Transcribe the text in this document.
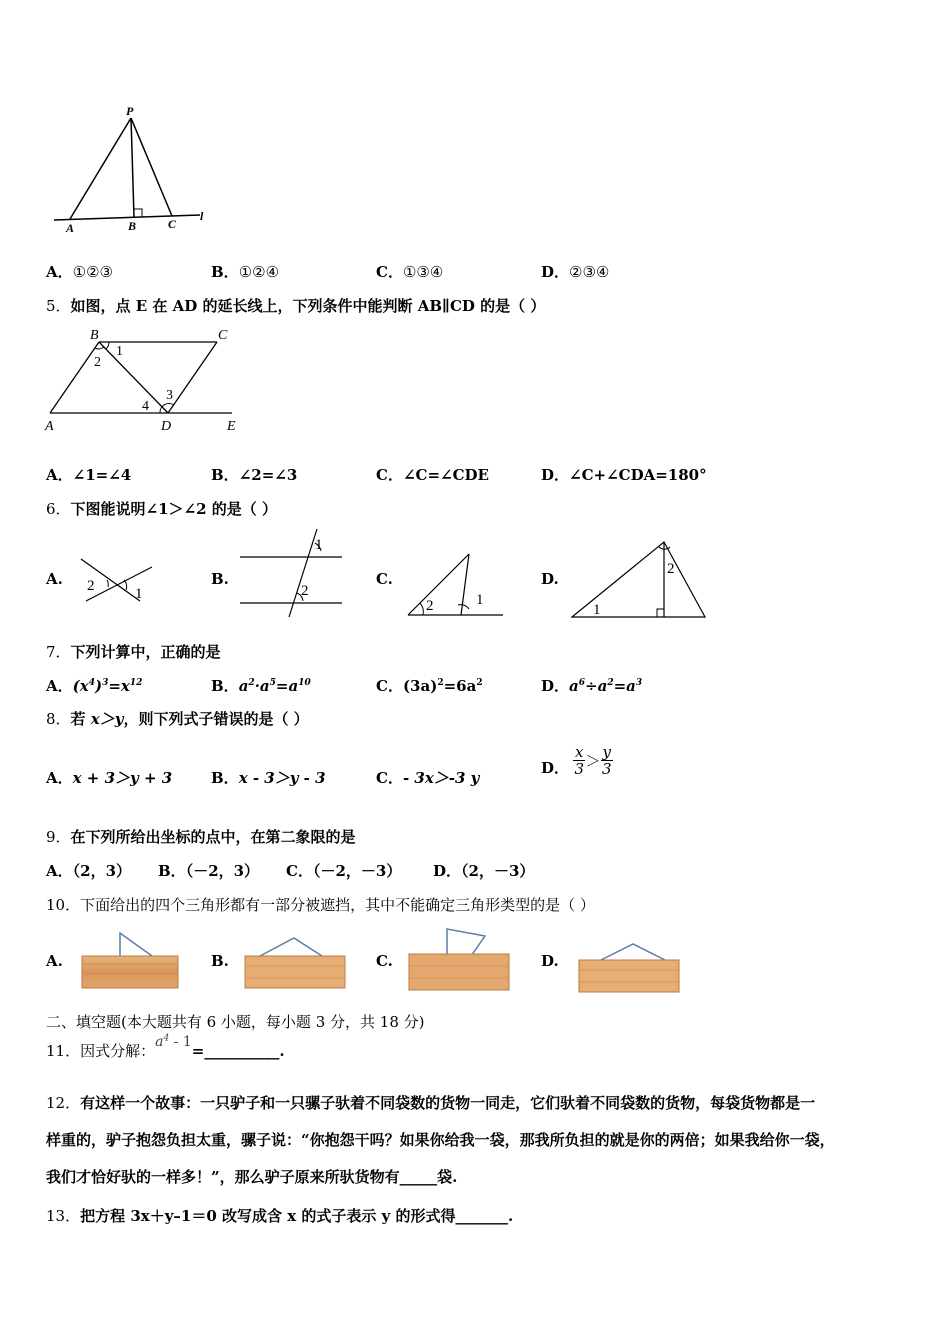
P
A	B	C
l
A．①②③	B．①②④	C．①③④	D．②③④
5．如图，点 E 在 AD 的延长线上，下列条件中能判断 AB∥CD 的是（ ）
B	C
A	D	E
1
2
3
4
A．∠1=∠4	B．∠2=∠3	C．∠C=∠CDE	D．∠C+∠CDA=180°
6．下图能说明∠1＞∠2 的是（ ）
A. 2	1
B.
1
2
C.
2	1
D.
1
2
7．下列计算中，正确的是
A．$(x^4)^3=x^{12}$	B．$a^2\cdot a^5=a^{10}$	C．$(3a)^2=6a^2$	D．$a^6\div a^2=a^3$
8．若 x＞y，则下列式子错误的是（ ）
A．x + 3＞y + 3	B．x - 3＞y - 3	C．- 3x＞-3 y
D． $\frac{x}{3} > \frac{y}{3}$
9．在下列所给出坐标的点中，在第二象限的是
A．（2，3） B．（－2，3） C．（－2，－3） D．（2，－3）
10．下面给出的四个三角形都有一部分被遮挡，其中不能确定三角形类型的是（ ）
A.	B.	C.	D.
二、填空题(本大题共有 6 小题，每小题 3 分，共 18 分)
11．因式分解：$a^4$ - 1=__________.
12．有这样一个故事：一只驴子和一只骡子驮着不同袋数的货物一同走，它们驮着不同袋数的货物，每袋货物都是一
样重的，驴子抱怨负担太重，骡子说：“你抱怨干吗？如果你给我一袋，那我所负担的就是你的两倍；如果我给你一袋，
我们才恰好驮的一样多！”，那么驴子原来所驮货物有_____袋.
13．把方程 3x＋y–1＝0 改写成含 x 的式子表示 y 的形式得_______.
